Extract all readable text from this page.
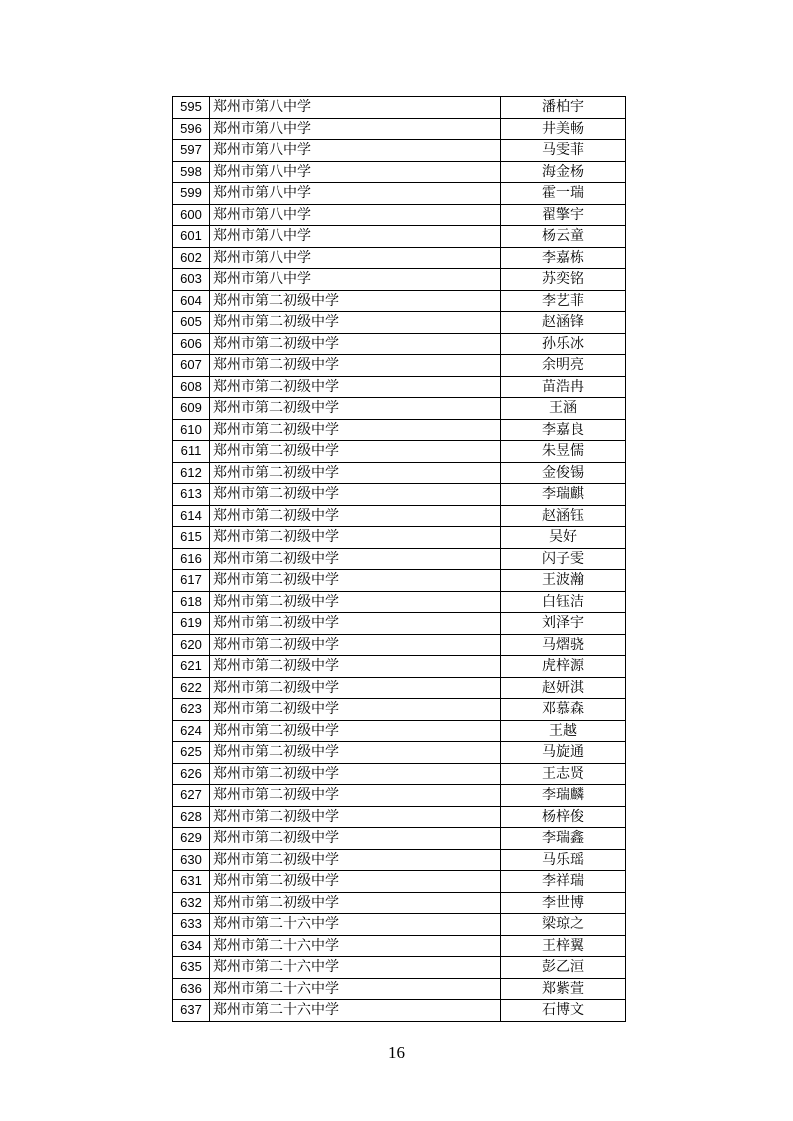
595	郑州市第八中学	潘柏宇
596	郑州市第八中学	井美畅
597	郑州市第八中学	马雯菲
598	郑州市第八中学	海金杨
599	郑州市第八中学	霍一瑞
600	郑州市第八中学	翟擎宇
601	郑州市第八中学	杨云童
602	郑州市第八中学	李嘉栋
603	郑州市第八中学	苏奕铭
604	郑州市第二初级中学	李艺菲
605	郑州市第二初级中学	赵涵锋
606	郑州市第二初级中学	孙乐冰
607	郑州市第二初级中学	余明亮
608	郑州市第二初级中学	苗浩冉
609	郑州市第二初级中学	王涵
610	郑州市第二初级中学	李嘉良
611	郑州市第二初级中学	朱昱儒
612	郑州市第二初级中学	金俊锡
613	郑州市第二初级中学	李瑞麒
614	郑州市第二初级中学	赵涵钰
615	郑州市第二初级中学	吴好
616	郑州市第二初级中学	闪子雯
617	郑州市第二初级中学	王波瀚
618	郑州市第二初级中学	白钰洁
619	郑州市第二初级中学	刘泽宇
620	郑州市第二初级中学	马熠骁
621	郑州市第二初级中学	虎梓源
622	郑州市第二初级中学	赵妍淇
623	郑州市第二初级中学	邓慕森
624	郑州市第二初级中学	王越
625	郑州市第二初级中学	马旋通
626	郑州市第二初级中学	王志贤
627	郑州市第二初级中学	李瑞麟
628	郑州市第二初级中学	杨梓俊
629	郑州市第二初级中学	李瑞鑫
630	郑州市第二初级中学	马乐瑶
631	郑州市第二初级中学	李祥瑞
632	郑州市第二初级中学	李世博
633	郑州市第二十六中学	梁琼之
634	郑州市第二十六中学	王梓翼
635	郑州市第二十六中学	彭乙洹
636	郑州市第二十六中学	郑紫萱
637	郑州市第二十六中学	石博文
16
